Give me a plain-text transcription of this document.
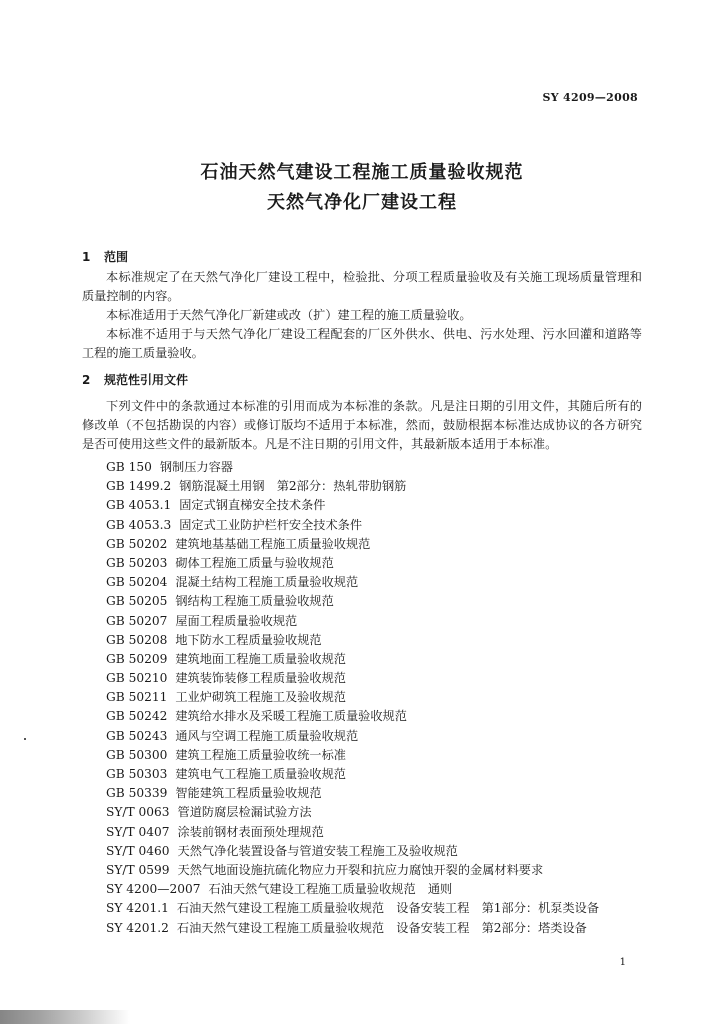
SY 4209—2008
石油天然气建设工程施工质量验收规范
天然气净化厂建设工程
1 范围

本标准规定了在天然气净化厂建设工程中，检验批、分项工程质量验收及有关施工现场质量管理和质量控制的内容。

本标准适用于天然气净化厂新建或改（扩）建工程的施工质量验收。

本标准不适用于与天然气净化厂建设工程配套的厂区外供水、供电、污水处理、污水回灌和道路等工程的施工质量验收。

2 规范性引用文件

下列文件中的条款通过本标准的引用而成为本标准的条款。凡是注日期的引用文件，其随后所有的修改单（不包括勘误的内容）或修订版均不适用于本标准，然而，鼓励根据本标准达成协议的各方研究是否可使用这些文件的最新版本。凡是不注日期的引用文件，其最新版本适用于本标准。

GB 150 钢制压力容器
GB 1499.2 钢筋混凝土用钢　第2部分：热轧带肋钢筋
GB 4053.1 固定式钢直梯安全技术条件
GB 4053.3 固定式工业防护栏杆安全技术条件
GB 50202 建筑地基基础工程施工质量验收规范
GB 50203 砌体工程施工质量与验收规范
GB 50204 混凝土结构工程施工质量验收规范
GB 50205 钢结构工程施工质量验收规范
GB 50207 屋面工程质量验收规范
GB 50208 地下防水工程质量验收规范
GB 50209 建筑地面工程施工质量验收规范
GB 50210 建筑装饰装修工程质量验收规范
GB 50211 工业炉砌筑工程施工及验收规范
GB 50242 建筑给水排水及采暖工程施工质量验收规范
GB 50243 通风与空调工程施工质量验收规范
GB 50300 建筑工程施工质量验收统一标准
GB 50303 建筑电气工程施工质量验收规范
GB 50339 智能建筑工程质量验收规范
SY/T 0063 管道防腐层检漏试验方法
SY/T 0407 涂装前钢材表面预处理规范
SY/T 0460 天然气净化装置设备与管道安装工程施工及验收规范
SY/T 0599 天然气地面设施抗硫化物应力开裂和抗应力腐蚀开裂的金属材料要求
SY 4200—2007 石油天然气建设工程施工质量验收规范　通则
SY 4201.1 石油天然气建设工程施工质量验收规范　设备安装工程　第1部分：机泵类设备
SY 4201.2 石油天然气建设工程施工质量验收规范　设备安装工程　第2部分：塔类设备
1
